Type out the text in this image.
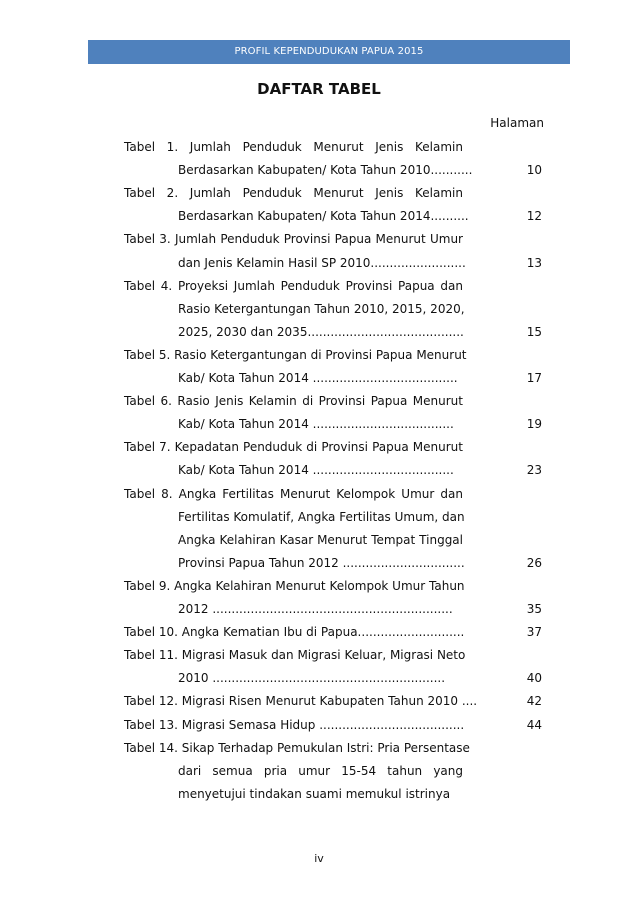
PROFIL KEPENDUDUKAN PAPUA 2015
DAFTAR TABEL
Halaman
Tabel 1. Jumlah Penduduk Menurut Jenis Kelamin
Berdasarkan Kabupaten/ Kota Tahun 2010...........	10
Tabel 2. Jumlah Penduduk Menurut Jenis Kelamin
Berdasarkan Kabupaten/ Kota Tahun 2014..........	12
Tabel 3. Jumlah Penduduk Provinsi Papua Menurut Umur
dan Jenis Kelamin Hasil SP 2010.........................	13
Tabel 4. Proyeksi Jumlah Penduduk Provinsi Papua dan
Rasio Ketergantungan Tahun 2010, 2015, 2020,
2025, 2030 dan 2035.........................................	15
Tabel 5. Rasio Ketergantungan di Provinsi Papua Menurut
Kab/ Kota Tahun 2014 ......................................	17
Tabel 6. Rasio Jenis Kelamin di Provinsi Papua Menurut
Kab/ Kota Tahun 2014 .....................................	19
Tabel 7. Kepadatan Penduduk di Provinsi Papua Menurut
Kab/ Kota Tahun 2014 .....................................	23
Tabel 8. Angka Fertilitas Menurut Kelompok Umur dan
Fertilitas Komulatif, Angka Fertilitas Umum, dan
Angka Kelahiran Kasar Menurut Tempat Tinggal
Provinsi Papua Tahun 2012 ................................	26
Tabel 9. Angka Kelahiran Menurut Kelompok Umur Tahun
2012 ...............................................................	35
Tabel 10. Angka Kematian Ibu di Papua............................	37
Tabel 11. Migrasi Masuk dan Migrasi Keluar, Migrasi Neto
2010 .............................................................	40
Tabel 12. Migrasi Risen Menurut Kabupaten Tahun 2010 ....	42
Tabel 13. Migrasi Semasa Hidup ......................................	44
Tabel 14. Sikap Terhadap Pemukulan Istri: Pria Persentase
dari semua pria umur 15-54 tahun yang
menyetujui tindakan suami memukul istrinya
iv
